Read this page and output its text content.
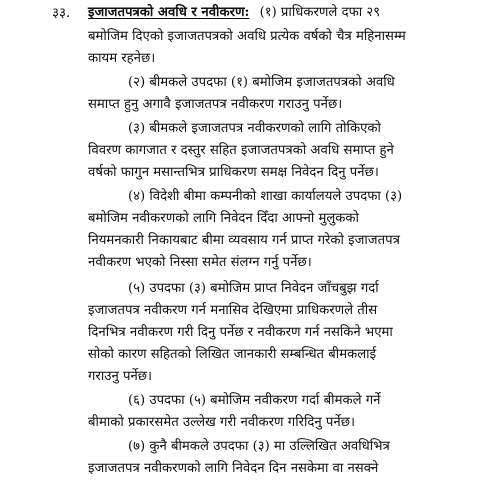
३३. इजाजतपत्रको अवधि र नवीकरण: (१) प्राधिकरणले दफा २९
बमोजिम दिएको इजाजतपत्रको अवधि प्रत्येक वर्षको चैत्र महिनासम्म
कायम रहनेछ।
(२) बीमकले उपदफा (१) बमोजिम इजाजतपत्रको अवधि
समाप्त हुनु अगावै इजाजतपत्र नवीकरण गराउनु पर्नेछ।
(३) बीमकले इजाजतपत्र नवीकरणको लागि तोकिएको
विवरण कागजात र दस्तुर सहित इजाजतपत्रको अवधि समाप्त हुने
वर्षको फागुन मसान्तभित्र प्राधिकरण समक्ष निवेदन दिनु पर्नेछ।
(४) विदेशी बीमा कम्पनीको शाखा कार्यालयले उपदफा (३)
बमोजिम नवीकरणको लागि निवेदन दिँदा आफ्नो मुलुकको
नियमनकारी निकायबाट बीमा व्यवसाय गर्न प्राप्त गरेको इजाजतपत्र
नवीकरण भएको निस्सा समेत संलग्न गर्नु पर्नेछ।
(५) उपदफा (३) बमोजिम प्राप्त निवेदन जाँचबुझ गर्दा
इजाजतपत्र नवीकरण गर्न मनासिव देखिएमा प्राधिकरणले तीस
दिनभित्र नवीकरण गरी दिनु पर्नेछ र नवीकरण गर्न नसकिने भएमा
सोको कारण सहितको लिखित जानकारी सम्बन्धित बीमकलाई
गराउनु पर्नेछ।
(६) उपदफा (५) बमोजिम नवीकरण गर्दा बीमकले गर्ने
बीमाको प्रकारसमेत उल्लेख गरी नवीकरण गरिदिनु पर्नेछ।
(७) कुनै बीमकले उपदफा (३) मा उल्लिखित अवधिभित्र
इजाजतपत्र नवीकरणको लागि निवेदन दिन नसकेमा वा नसक्ने
